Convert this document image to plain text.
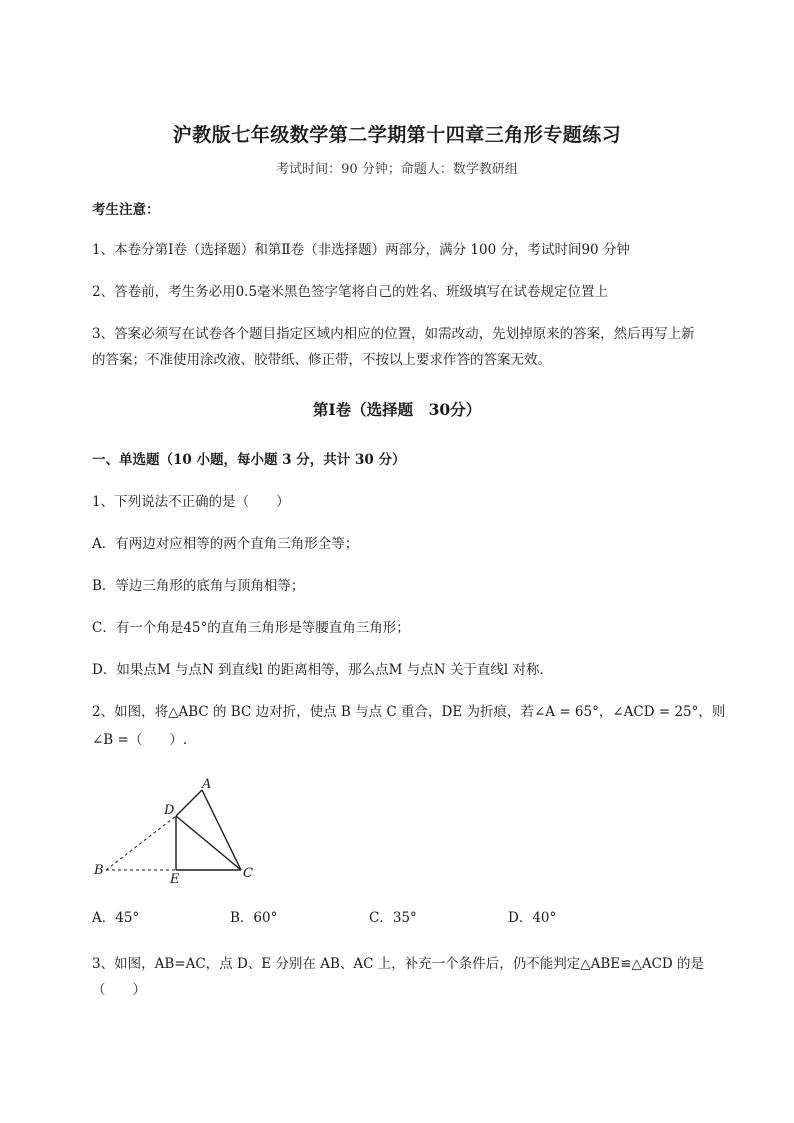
沪教版七年级数学第二学期第十四章三角形专题练习
考试时间：90 分钟；命题人：数学教研组
考生注意：
1、本卷分第Ⅰ卷（选择题）和第Ⅱ卷（非选择题）两部分，满分 100 分，考试时间90 分钟
2、答卷前，考生务必用0.5毫米黑色签字笔将自己的姓名、班级填写在试卷规定位置上
3、答案必须写在试卷各个题目指定区域内相应的位置，如需改动，先划掉原来的答案，然后再写上新
的答案；不准使用涂改液、胶带纸、修正带，不按以上要求作答的答案无效。
第Ⅰ卷（选择题　30分）
一、单选题（10 小题，每小题 3 分，共计 30 分）
1、下列说法不正确的是（　　）
A．有两边对应相等的两个直角三角形全等；
B．等边三角形的底角与顶角相等；
C．有一个角是45°的直角三角形是等腰直角三角形；
D．如果点M 与点N 到直线l 的距离相等，那么点M 与点N 关于直线l 对称．
2、如图，将△ABC 的 BC 边对折，使点 B 与点 C 重合，DE 为折痕，若∠A = 65°，∠ACD = 25°，则
∠B =（　　）.
A
B	C
D
E
A．45°	B．60°	C．35°	D．40°
3、如图，AB=AC，点 D、E 分别在 AB、AC 上，补充一个条件后，仍不能判定△ABE≌△ACD 的是
（　　）
